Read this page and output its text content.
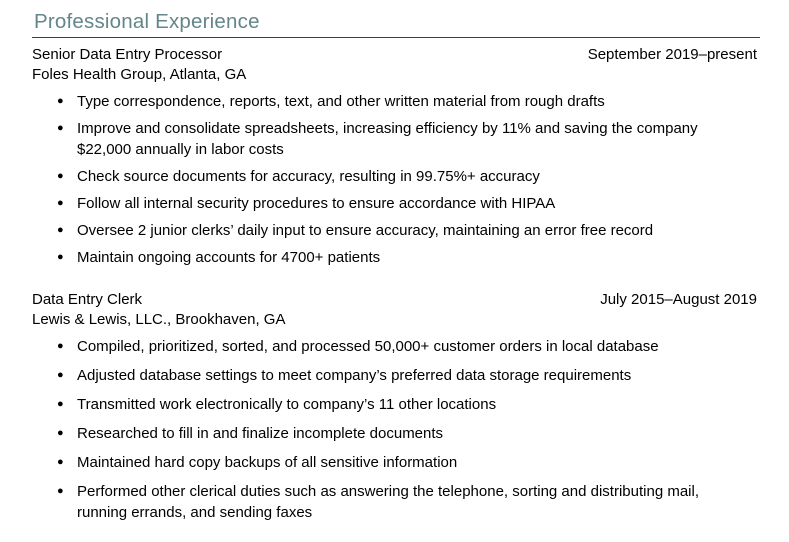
Professional Experience
Senior Data Entry Processor	September 2019–present
Foles Health Group, Atlanta, GA
● Type correspondence, reports, text, and other written material from rough drafts
● Improve and consolidate spreadsheets, increasing efficiency by 11% and saving the company $22,000 annually in labor costs
● Check source documents for accuracy, resulting in 99.75%+ accuracy
● Follow all internal security procedures to ensure accordance with HIPAA
● Oversee 2 junior clerks’ daily input to ensure accuracy, maintaining an error free record
● Maintain ongoing accounts for 4700+ patients
Data Entry Clerk	July 2015–August 2019
Lewis & Lewis, LLC., Brookhaven, GA
● Compiled, prioritized, sorted, and processed 50,000+ customer orders in local database
● Adjusted database settings to meet company’s preferred data storage requirements
● Transmitted work electronically to company’s 11 other locations
● Researched to fill in and finalize incomplete documents
● Maintained hard copy backups of all sensitive information
● Performed other clerical duties such as answering the telephone, sorting and distributing mail, running errands, and sending faxes
